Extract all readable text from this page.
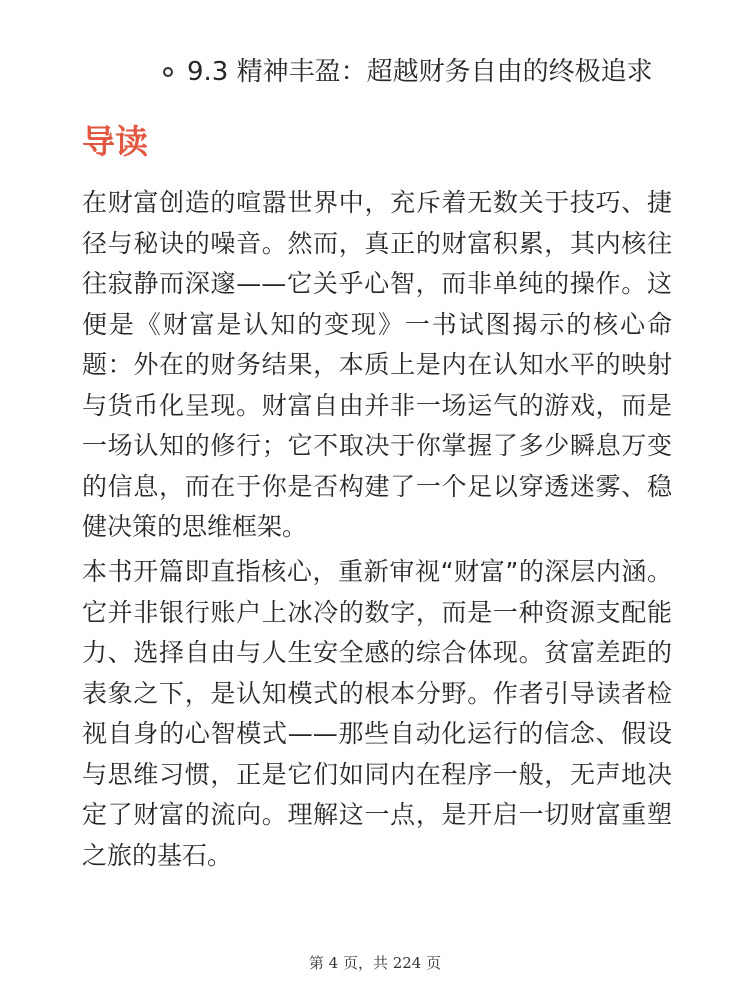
9.3 精神丰盈：超越财务自由的终极追求
导读

在财富创造的喧嚣世界中，充斥着无数关于技巧、捷径与秘诀的噪音。然而，真正的财富积累，其内核往往寂静而深邃——它关乎心智，而非单纯的操作。这便是《财富是认知的变现》一书试图揭示的核心命题：外在的财务结果，本质上是内在认知水平的映射与货币化呈现。财富自由并非一场运气的游戏，而是一场认知的修行；它不取决于你掌握了多少瞬息万变的信息，而在于你是否构建了一个足以穿透迷雾、稳健决策的思维框架。

本书开篇即直指核心，重新审视“财富”的深层内涵。它并非银行账户上冰冷的数字，而是一种资源支配能力、选择自由与人生安全感的综合体现。贫富差距的表象之下，是认知模式的根本分野。作者引导读者检视自身的心智模式——那些自动化运行的信念、假设与思维习惯，正是它们如同内在程序一般，无声地决定了财富的流向。理解这一点，是开启一切财富重塑之旅的基石。

第 4 页，共 224 页
